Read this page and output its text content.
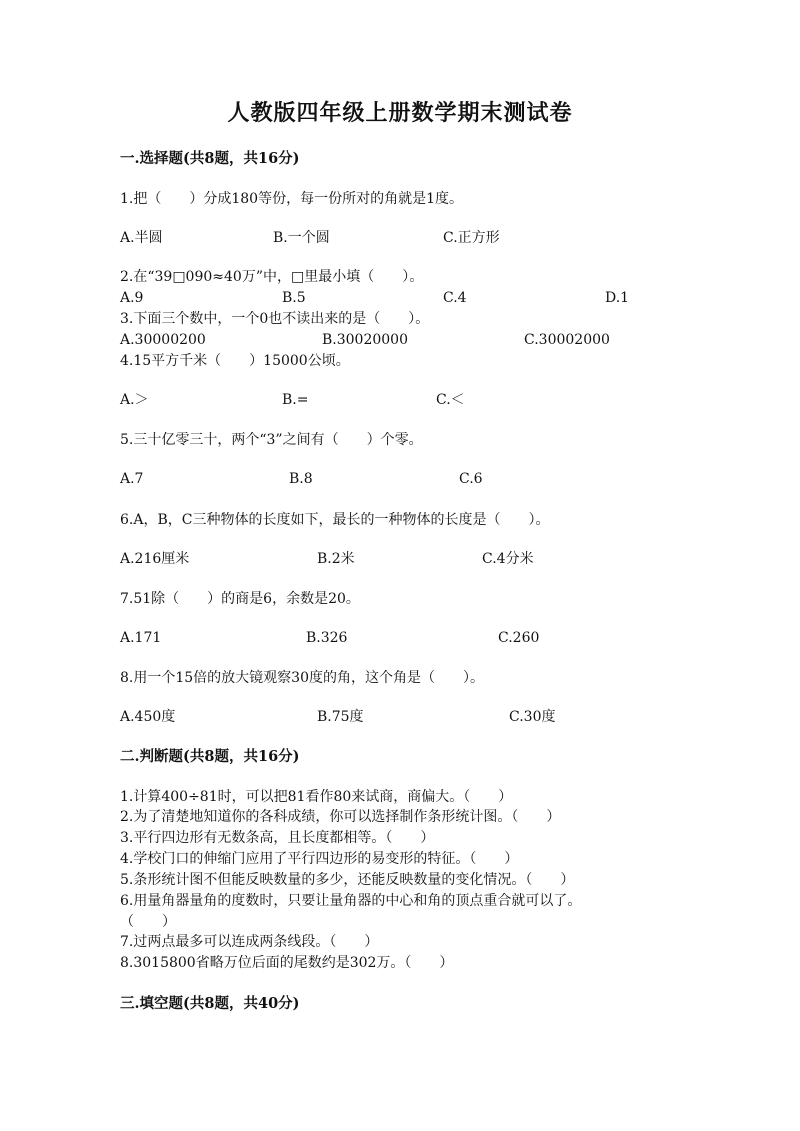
人教版四年级上册数学期末测试卷
一.选择题(共8题，共16分)
1.把（　　）分成180等份，每一份所对的角就是1度。
A.半圆	B.一个圆	C.正方形
2.在“39□090≈40万”中，□里最小填（　　）。
A.9	B.5	C.4	D.1
3.下面三个数中，一个0也不读出来的是（　　）。
A.30000200	B.30020000	C.30002000
4.15平方千米（　　）15000公顷。
A.＞	B.=	C.＜
5.三十亿零三十，两个“3”之间有（　　）个零。
A.7	B.8	C.6
6.A，B，C三种物体的长度如下，最长的一种物体的长度是（　　）。
A.216厘米	B.2米	C.4分米
7.51除（　　）的商是6，余数是20。
A.171	B.326	C.260
8.用一个15倍的放大镜观察30度的角，这个角是（　　）。
A.450度	B.75度	C.30度
二.判断题(共8题，共16分)
1.计算400÷81时，可以把81看作80来试商，商偏大。（　　）
2.为了清楚地知道你的各科成绩，你可以选择制作条形统计图。（　　）
3.平行四边形有无数条高，且长度都相等。（　　）
4.学校门口的伸缩门应用了平行四边形的易变形的特征。（　　）
5.条形统计图不但能反映数量的多少，还能反映数量的变化情况。（　　）
6.用量角器量角的度数时，只要让量角器的中心和角的顶点重合就可以了。
（　　）
7.过两点最多可以连成两条线段。（　　）
8.3015800省略万位后面的尾数约是302万。（　　）
三.填空题(共8题，共40分)
